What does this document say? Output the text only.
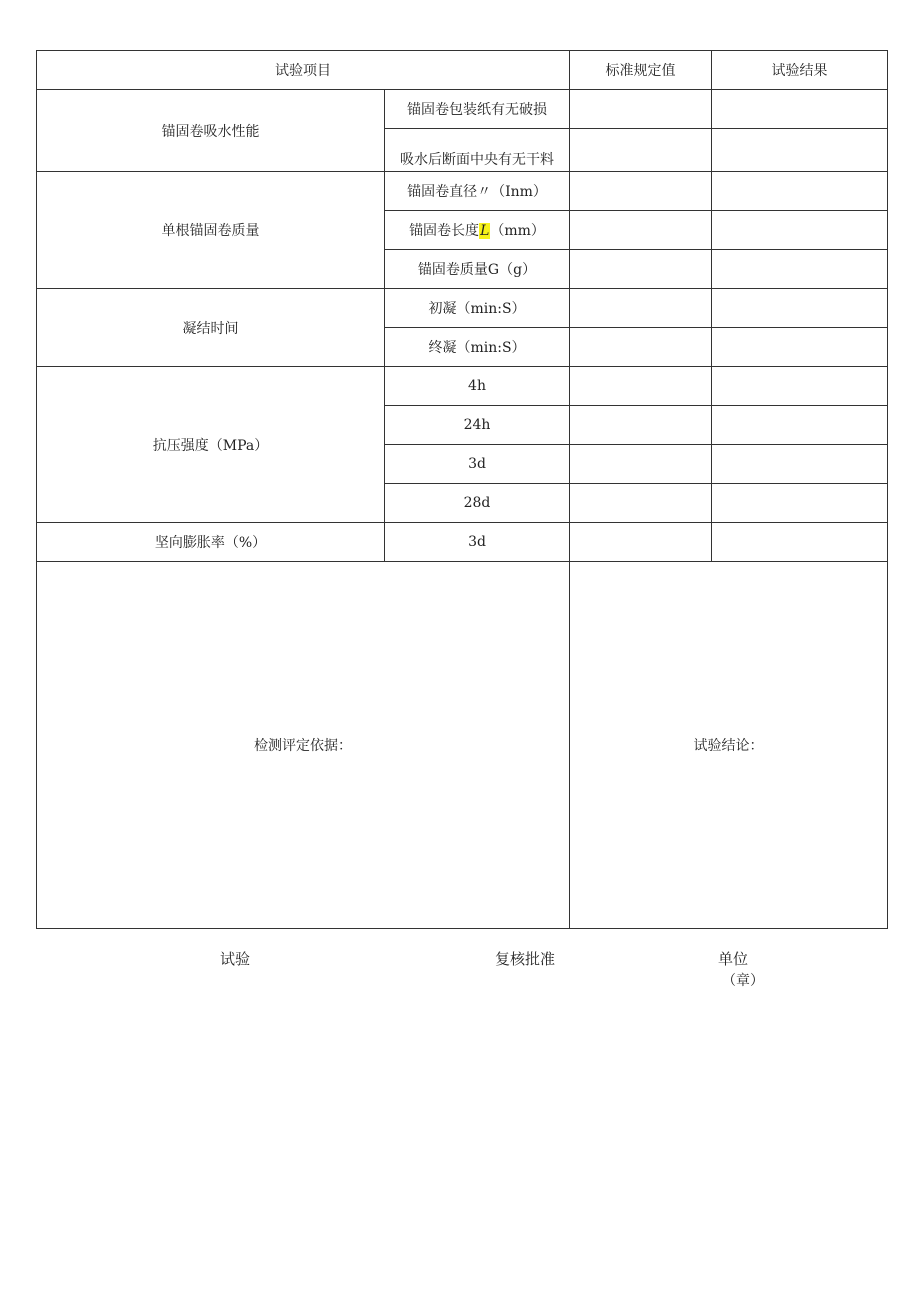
试验项目		标准规定值	试验结果
锚固卷吸水性能	锚固卷包装纸有无破损		
	吸水后断面中央有无干料		
单根锚固卷质量	锚固卷直径〃（Inm）		
	锚固卷长度L（mm）		
	锚固卷质量G（g）		
凝结时间	初凝（min:S）		
	终凝（min:S）		
抗压强度（MPa）	4h		
	24h		
	3d		
	28d		
坚向膨胀率（%）	3d		

检测评定依据：		试验结论：	
试验	复核批准	单位
（章）
